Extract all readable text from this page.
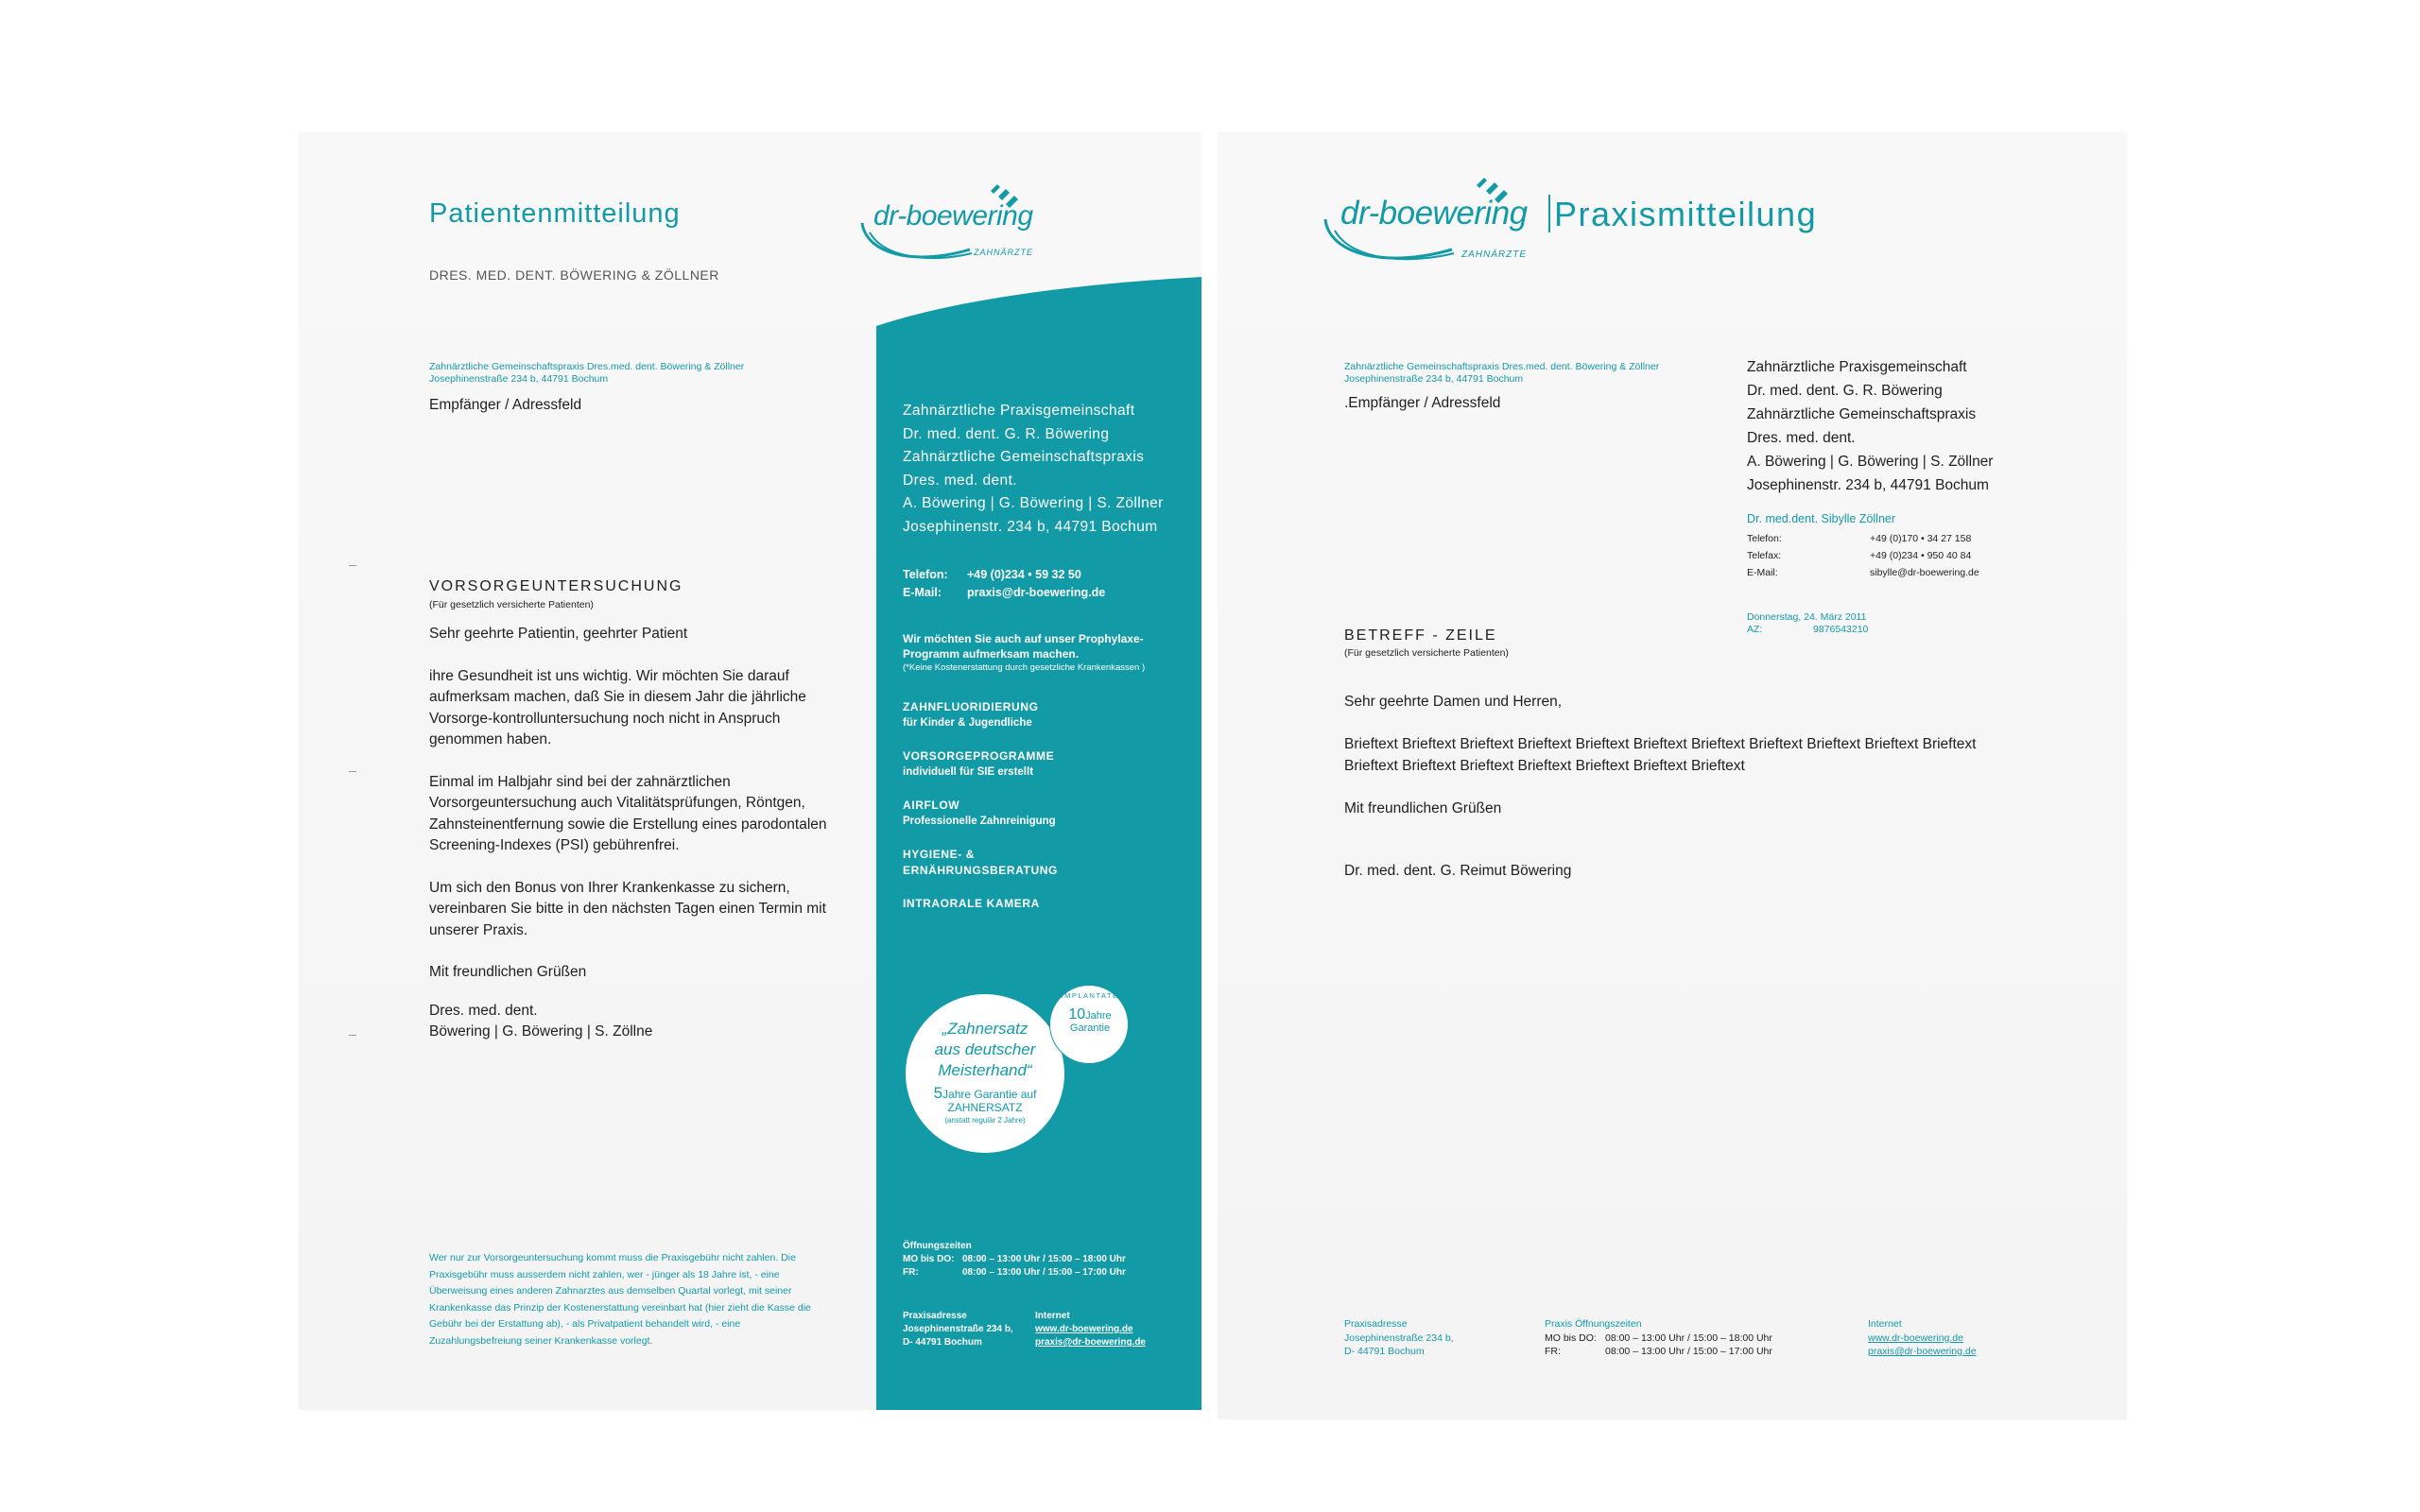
Patientenmitteilung
DRES. MED. DENT. BÖWERING & ZÖLLNER
dr-boewering
ZAHNÄRZTE
Zahnärztliche Gemeinschaftspraxis Dres.med. dent. Böwering & Zöllner
Josephinenstraße 234 b, 44791 Bochum
Empfänger / Adressfeld
VORSORGEUNTERSUCHUNG
(Für gesetzlich versicherte Patienten)

Sehr geehrte Patientin, geehrter Patient

ihre Gesundheit ist uns wichtig. Wir möchten Sie darauf aufmerksam machen, daß Sie in diesem Jahr die jährliche Vorsorge-kontrolluntersuchung noch nicht in Anspruch genommen haben.

Einmal im Halbjahr sind bei der zahnärztlichen Vorsorgeuntersuchung auch Vitalitätsprüfungen, Röntgen, Zahnsteinentfernung sowie die Erstellung eines parodontalen Screening-Indexes (PSI) gebührenfrei.

Um sich den Bonus von Ihrer Krankenkasse zu sichern, vereinbaren Sie bitte in den nächsten Tagen einen Termin mit unserer Praxis.

Mit freundlichen Grüßen

Dres. med. dent.
Böwering | G. Böwering | S. Zöllne
Wer nur zur Vorsorgeuntersuchung kommt muss die Praxisgebühr nicht zahlen. Die Praxisgebühr muss ausserdem nicht zahlen, wer - jünger als 18 Jahre ist, - eine Überweisung eines anderen Zahnarztes aus demselben Quartal vorlegt, mit seiner Krankenkasse das Prinzip der Kostenerstattung vereinbart hat (hier zieht die Kasse die Gebühr bei der Erstattung ab), - als Privatpatient behandelt wird, - eine Zuzahlungsbefreiung seiner Krankenkasse vorlegt.
Zahnärztliche Praxisgemeinschaft
Dr. med. dent. G. R. Böwering
Zahnärztliche Gemeinschaftspraxis
Dres. med. dent.
A. Böwering | G. Böwering | S. Zöllner
Josephinenstr. 234 b, 44791 Bochum
Telefon: +49 (0)234 • 59 32 50
E-Mail: praxis@dr-boewering.de
Wir möchten Sie auch auf unser Prophylaxe-
Programm aufmerksam machen.
(*Keine Kostenerstattung durch gesetzliche Krankenkassen )
ZAHNFLUORIDIERUNG
für Kinder & Jugendliche
VORSORGEPROGRAMME
individuell für SIE erstellt
AIRFLOW
Professionelle Zahnreinigung
HYGIENE- &
ERNÄHRUNGSBERATUNG
INTRAORALE KAMERA
„Zahnersatz
aus deutscher
Meisterhand“
5Jahre Garantie auf
ZAHNERSATZ
(anstatt regulär 2 Jahre)
IMPLANTATE
10Jahre
Garantie
Öffnungszeiten
MO bis DO: 08:00 – 13:00 Uhr / 15:00 – 18:00 Uhr
FR:	08:00 – 13:00 Uhr / 15:00 – 17:00 Uhr
Praxisadresse
Josephinenstraße 234 b,
D- 44791 Bochum
Internet
www.dr-boewering.de
praxis@dr-boewering.de
dr-boewering
ZAHNÄRZTE
Praxismitteilung
Zahnärztliche Gemeinschaftspraxis Dres.med. dent. Böwering & Zöllner
Josephinenstraße 234 b, 44791 Bochum
.Empfänger / Adressfeld
Zahnärztliche Praxisgemeinschaft
Dr. med. dent. G. R. Böwering
Zahnärztliche Gemeinschaftspraxis
Dres. med. dent.
A. Böwering | G. Böwering | S. Zöllner
Josephinenstr. 234 b, 44791 Bochum
Dr. med.dent. Sibylle Zöllner
Telefon:	+49 (0)170 • 34 27 158
Telefax:	+49 (0)234 • 950 40 84
E-Mail:	sibylle@dr-boewering.de
Donnerstag, 24. März 2011
AZ:	9876543210
BETREFF - ZEILE
(Für gesetzlich versicherte Patienten)
Sehr geehrte Damen und Herren,
Brieftext Brieftext Brieftext Brieftext Brieftext Brieftext Brieftext Brieftext Brieftext Brieftext Brieftext
Brieftext Brieftext Brieftext Brieftext Brieftext Brieftext Brieftext
Mit freundlichen Grüßen
Dr. med. dent. G. Reimut Böwering
Praxisadresse
Josephinenstraße 234 b,
D- 44791 Bochum
Praxis Öffnungszeiten
MO bis DO: 08:00 – 13:00 Uhr / 15:00 – 18:00 Uhr
FR:	08:00 – 13:00 Uhr / 15:00 – 17:00 Uhr
Internet
www.dr-boewering.de
praxis@dr-boewering.de
